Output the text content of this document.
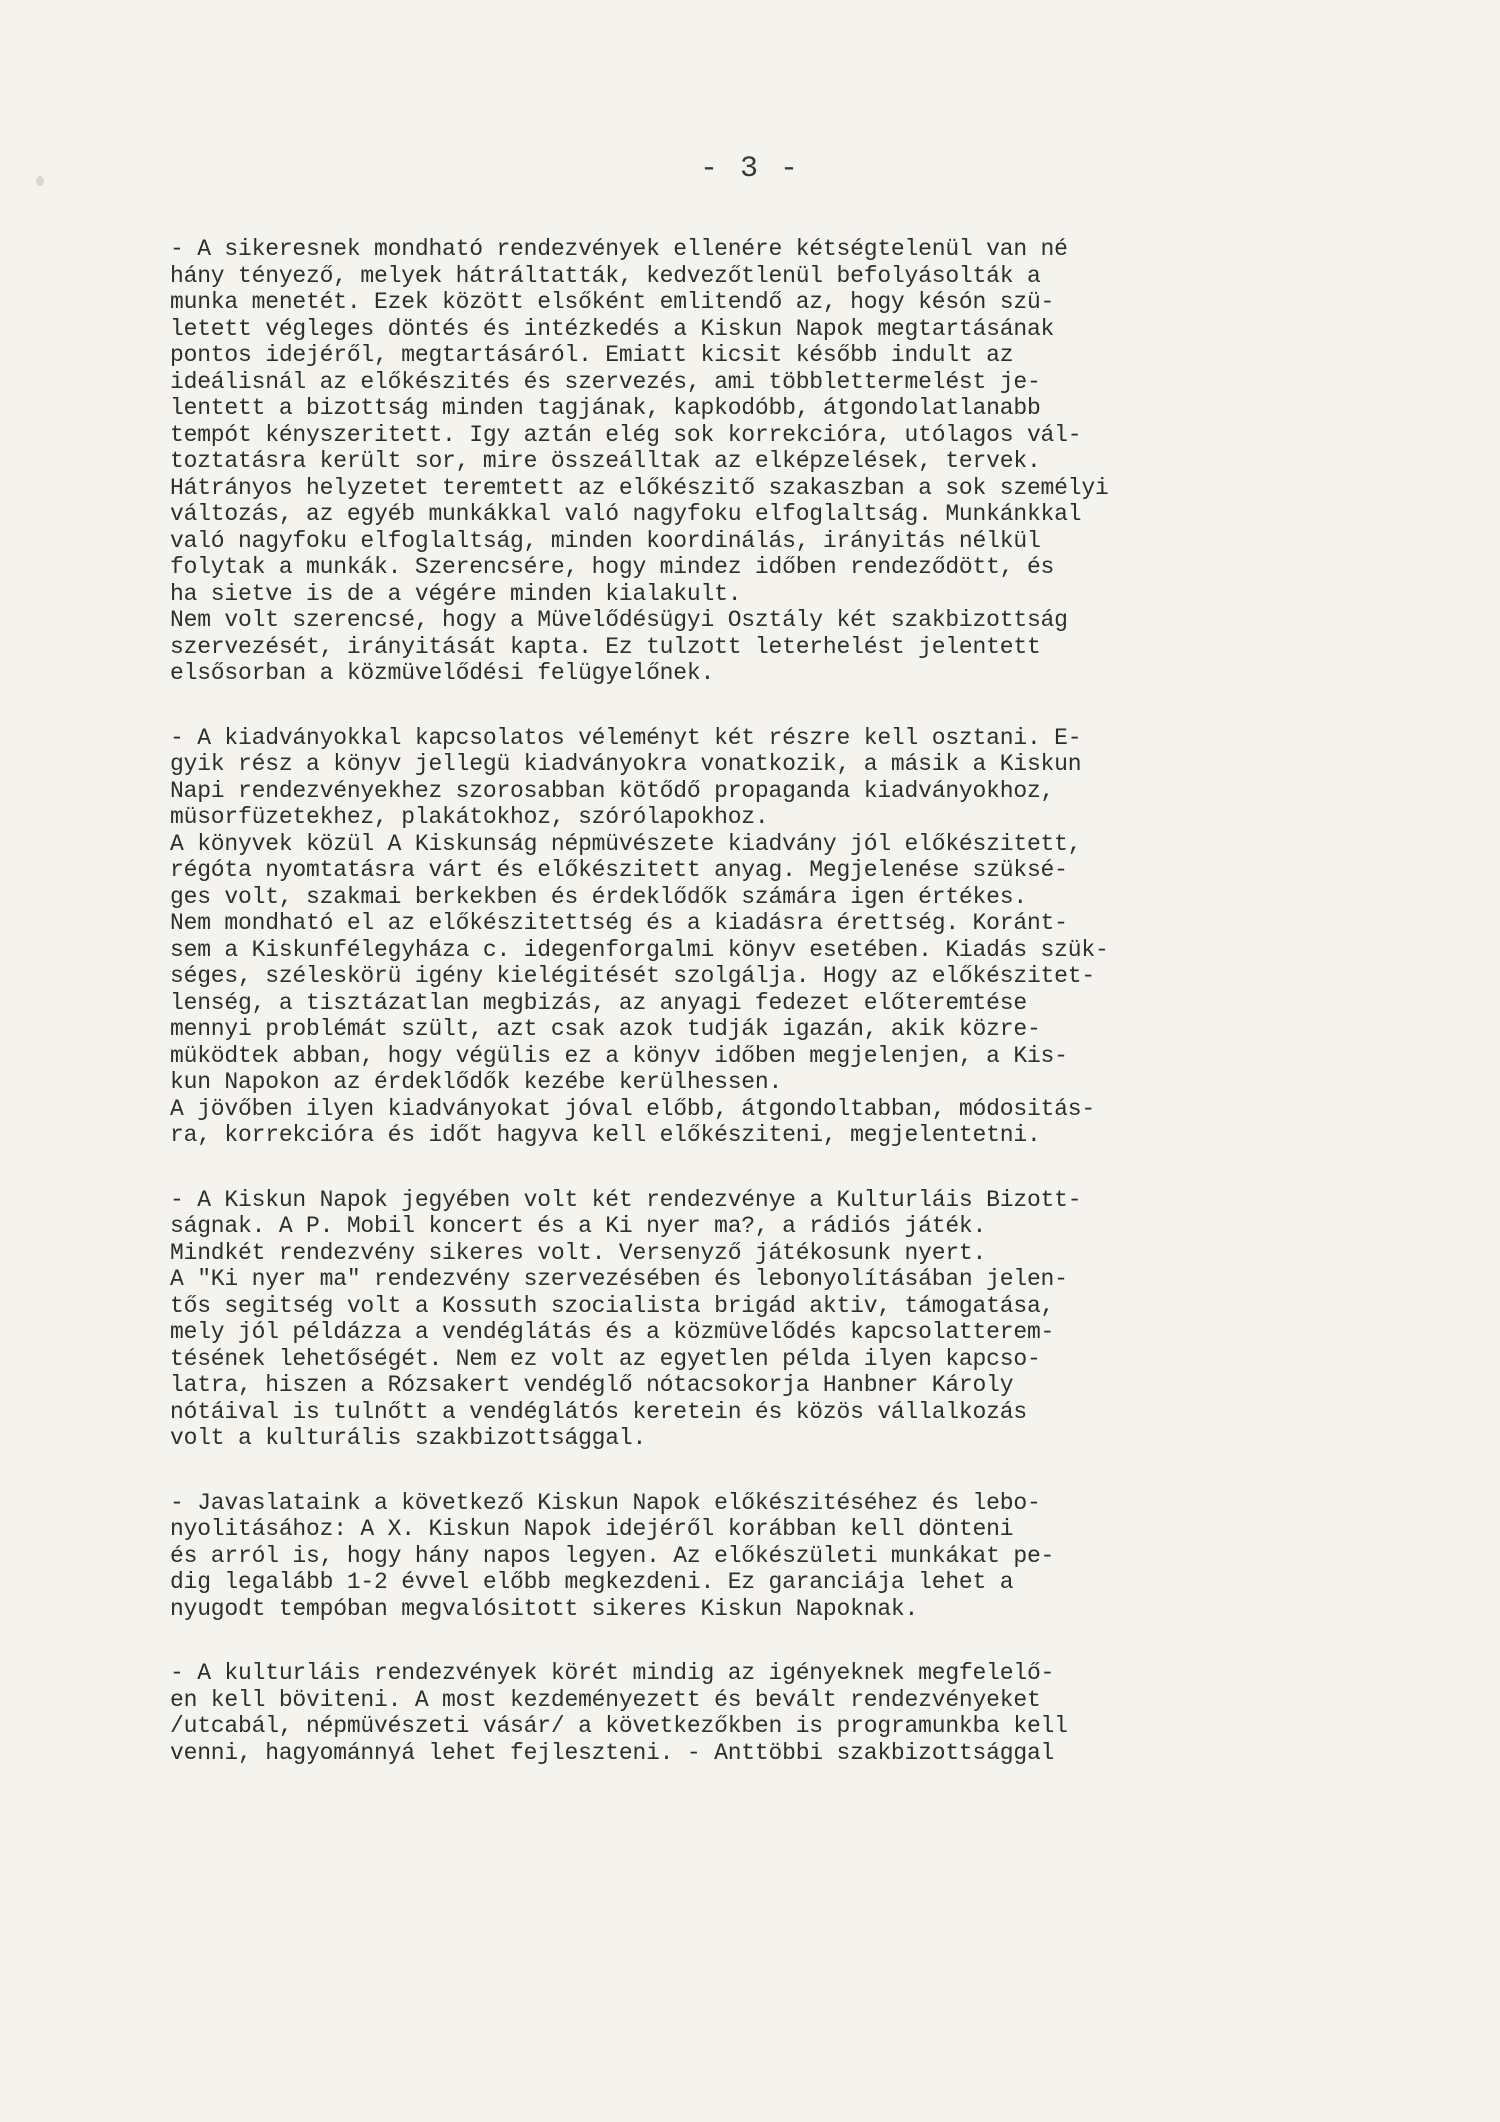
- 3 -
- A sikeresnek mondható rendezvények ellenére kétségtelenül van né
hány tényező, melyek hátráltatták, kedvezőtlenül befolyásolták a
munka menetét. Ezek között elsőként emlitendő az, hogy késón szü-
letett végleges döntés és intézkedés a Kiskun Napok megtartásának
pontos idejéről, megtartásáról. Emiatt kicsit később indult az
ideálisnál az előkészités és szervezés, ami többlettermelést je-
lentett a bizottság minden tagjának, kapkodóbb, átgondolatlanabb
tempót kényszeritett. Igy aztán elég sok korrekcióra, utólagos vál-
toztatásra került sor, mire összeálltak az elképzelések, tervek.
Hátrányos helyzetet teremtett az előkészitő szakaszban a sok személyi
változás, az egyéb munkákkal való nagyfoku elfoglaltság. Munkánkkal
való nagyfoku elfoglaltság, minden koordinálás, irányitás nélkül
folytak a munkák. Szerencsére, hogy mindez időben rendeződött, és
ha sietve is de a végére minden kialakult.
Nem volt szerencsé, hogy a Müvelődésügyi Osztály két szakbizottság
szervezését, irányitását kapta. Ez tulzott leterhelést jelentett
elsősorban a közmüvelődési felügyelőnek.
- A kiadványokkal kapcsolatos véleményt két részre kell osztani. E-
gyik rész a könyv jellegü kiadványokra vonatkozik, a másik a Kiskun
Napi rendezvényekhez szorosabban kötődő propaganda kiadványokhoz,
müsorfüzetekhez, plakátokhoz, szórólapokhoz.
A könyvek közül A Kiskunság népmüvészete kiadvány jól előkészitett,
régóta nyomtatásra várt és előkészitett anyag. Megjelenése szüksé-
ges volt, szakmai berkekben és érdeklődők számára igen értékes.
Nem mondható el az előkészitettség és a kiadásra érettség. Koránt-
sem a Kiskunfélegyháza c. idegenforgalmi könyv esetében. Kiadás szük-
séges, széleskörü igény kielégitését szolgálja. Hogy az előkészitet-
lenség, a tisztázatlan megbizás, az anyagi fedezet előteremtése
mennyi problémát szült, azt csak azok tudják igazán, akik közre-
müködtek abban, hogy végülis ez a könyv időben megjelenjen, a Kis-
kun Napokon az érdeklődők kezébe kerülhessen.
A jövőben ilyen kiadványokat jóval előbb, átgondoltabban, módositás-
ra, korrekcióra és időt hagyva kell előkésziteni, megjelentetni.
- A Kiskun Napok jegyében volt két rendezvénye a Kulturláis Bizott-
ságnak. A P. Mobil koncert és a Ki nyer ma?, a rádiós játék.
Mindkét rendezvény sikeres volt. Versenyző játékosunk nyert.
A "Ki nyer ma" rendezvény szervezésében és lebonyolításában jelen-
tős segitség volt a Kossuth szocialista brigád aktiv, támogatása,
mely jól példázza a vendéglátás és a közmüvelődés kapcsolatterem-
tésének lehetőségét. Nem ez volt az egyetlen példa ilyen kapcso-
latra, hiszen a Rózsakert vendéglő nótacsokorja Hanbner Károly
nótáival is tulnőtt a vendéglátós keretein és közös vállalkozás
volt a kulturális szakbizottsággal.
- Javaslataink a következő Kiskun Napok előkészitéséhez és lebo-
nyolitásához: A X. Kiskun Napok idejéről korábban kell dönteni
és arról is, hogy hány napos legyen. Az előkészületi munkákat pe-
dig legalább 1-2 évvel előbb megkezdeni. Ez garanciája lehet a
nyugodt tempóban megvalósitott sikeres Kiskun Napoknak.
- A kulturláis rendezvények körét mindig az igényeknek megfelelő-
en kell böviteni. A most kezdeményezett és bevált rendezvényeket
/utcabál, népmüvészeti vásár/ a következőkben is programunkba kell
venni, hagyománnyá lehet fejleszteni. - Anttöbbi szakbizottsággal
